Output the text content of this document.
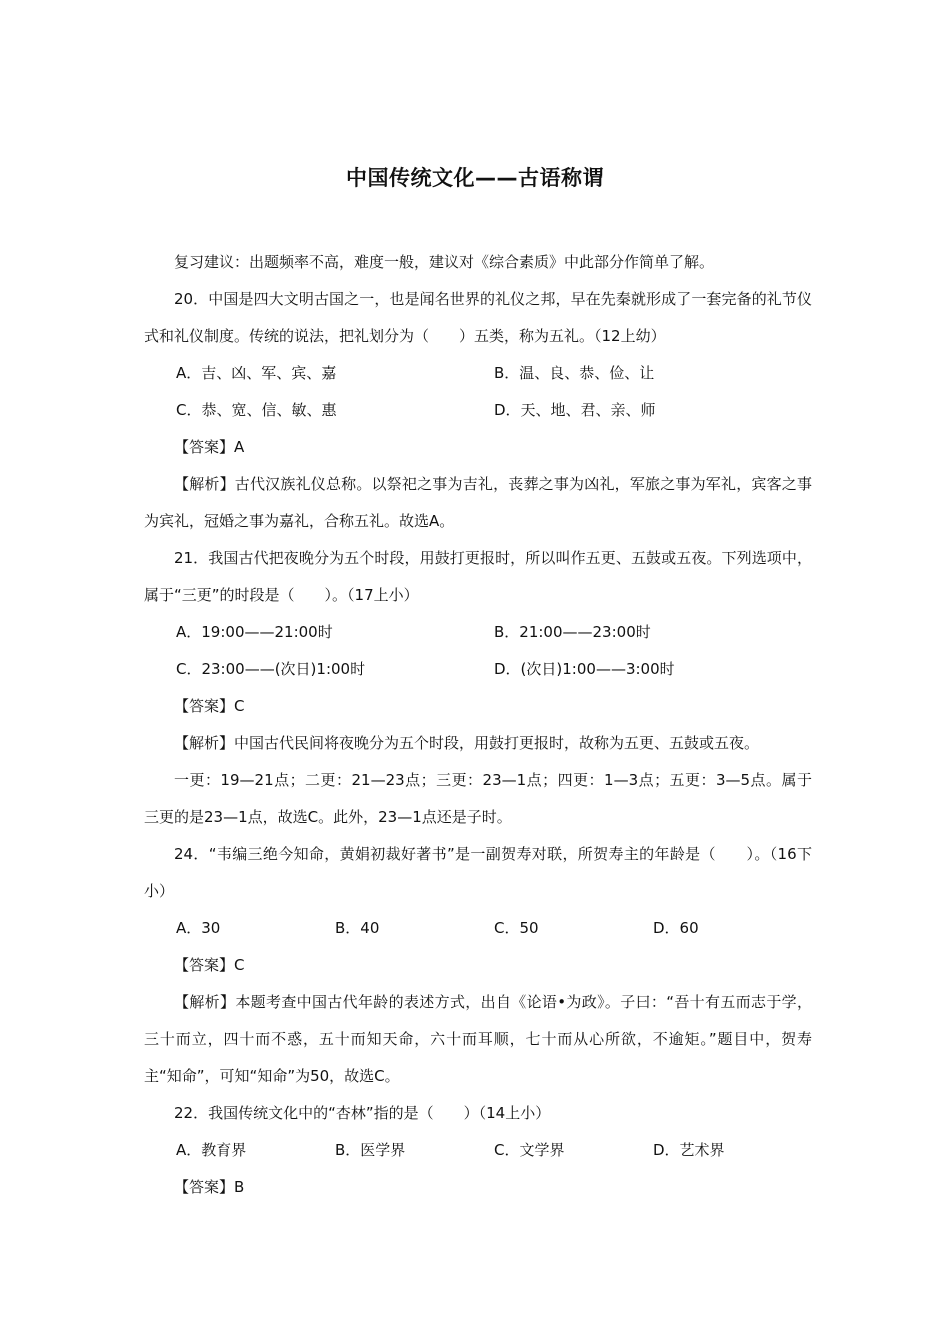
中国传统文化——古语称谓

复习建议：出题频率不高，难度一般，建议对《综合素质》中此部分作简单了解。

20．中国是四大文明古国之一，也是闻名世界的礼仪之邦，早在先秦就形成了一套完备的礼节仪式和礼仪制度。传统的说法，把礼划分为（　　）五类，称为五礼。（12上幼）

A．吉、凶、军、宾、嘉	B．温、良、恭、俭、让
C．恭、宽、信、敏、惠	D．天、地、君、亲、师

【答案】A

【解析】古代汉族礼仪总称。以祭祀之事为吉礼，丧葬之事为凶礼，军旅之事为军礼，宾客之事为宾礼，冠婚之事为嘉礼，合称五礼。故选A。

21．我国古代把夜晚分为五个时段，用鼓打更报时，所以叫作五更、五鼓或五夜。下列选项中，属于“三更”的时段是（　　）。（17上小）

A．19:00——21:00时	B．21:00——23:00时
C．23:00——(次日)1:00时	D．(次日)1:00——3:00时

【答案】C

【解析】中国古代民间将夜晚分为五个时段，用鼓打更报时，故称为五更、五鼓或五夜。

一更：19—21点；二更：21—23点；三更：23—1点；四更：1—3点；五更：3—5点。属于三更的是23—1点，故选C。此外，23—1点还是子时。

24．“韦编三绝今知命，黄娟初裁好著书”是一副贺寿对联，所贺寿主的年龄是（　　）。（16下小）

A．30	B．40	C．50	D．60

【答案】C

【解析】本题考查中国古代年龄的表述方式，出自《论语•为政》。子曰：“吾十有五而志于学，三十而立，四十而不惑，五十而知天命，六十而耳顺，七十而从心所欲，不逾矩。”题目中，贺寿主“知命”，可知“知命”为50，故选C。

22．我国传统文化中的“杏林”指的是（　　）（14上小）

A．教育界	B．医学界	C．文学界	D．艺术界

【答案】B
